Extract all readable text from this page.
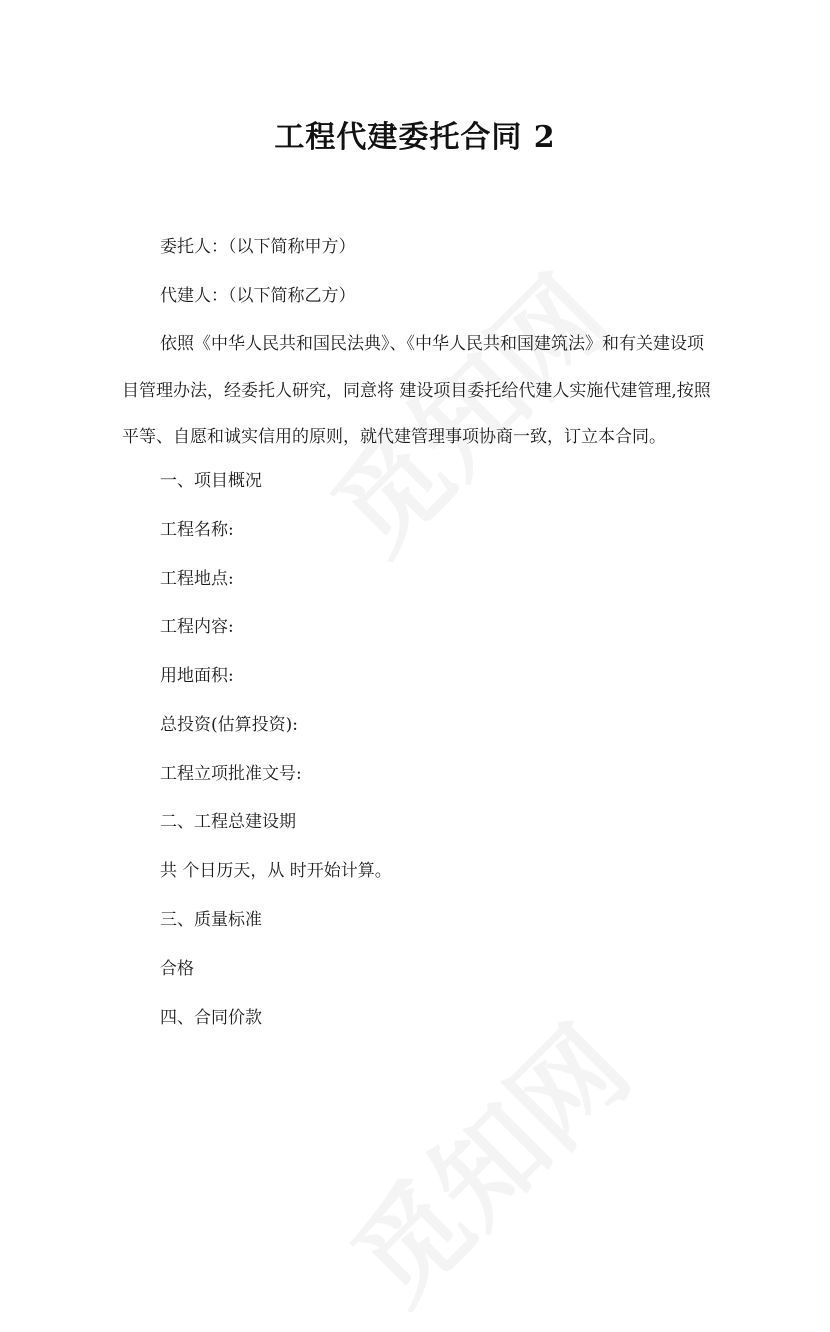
工程代建委托合同 2
委托人：（以下简称甲方）
代建人：（以下简称乙方）
依照《中华人民共和国民法典》、《中华人民共和国建筑法》和有关建设项
目管理办法，经委托人研究，同意将 建设项目委托给代建人实施代建管理,按照
平等、自愿和诚实信用的原则，就代建管理事项协商一致，订立本合同。
一、项目概况
工程名称:
工程地点:
工程内容:
用地面积:
总投资(估算投资):
工程立项批准文号:
二、工程总建设期
共 个日历天，从 时开始计算。
三、质量标准
合格
四、合同价款
